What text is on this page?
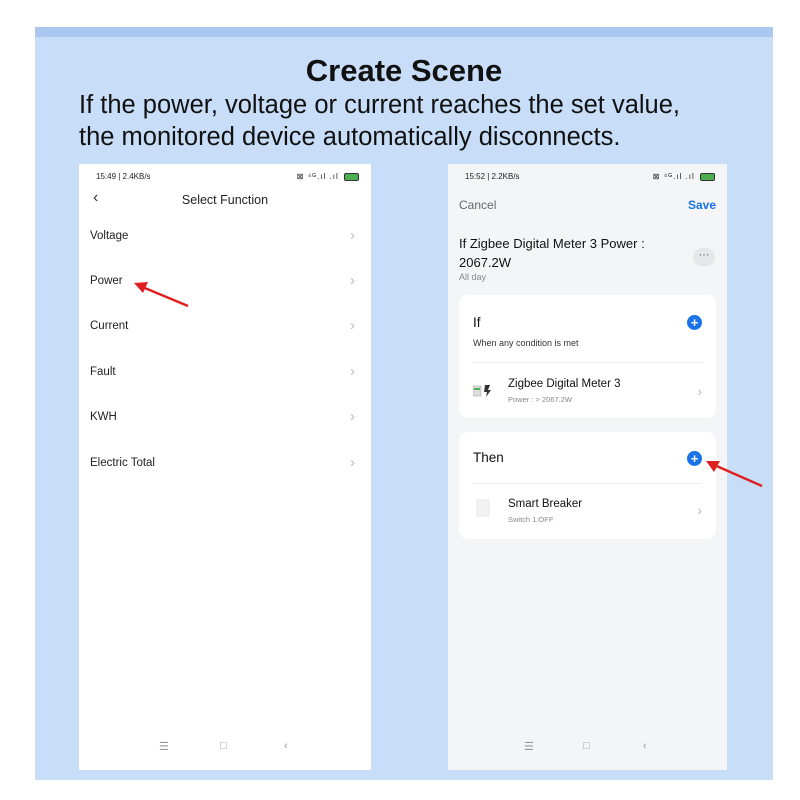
Create Scene
If the power, voltage or current reaches the set value,
the monitored device automatically disconnects.
15:49 | 2.4KB/s	⊠ ⁴ᴳ.ıl .ıl
‹	Select Function
Voltage	›
Power	›
Current	›
Fault	›
KWH	›
Electric Total	›
☰	□	‹
15:52 | 2.2KB/s	⊠ ⁴ᴳ.ıl .ıl
Cancel	Save
If Zigbee Digital Meter 3 Power : 2067.2W
All day
···
If	+
When any condition is met
Zigbee Digital Meter 3
Power : > 2067.2W
›
Then	+
Smart Breaker
Switch 1:OFF
›
☰	□	‹
